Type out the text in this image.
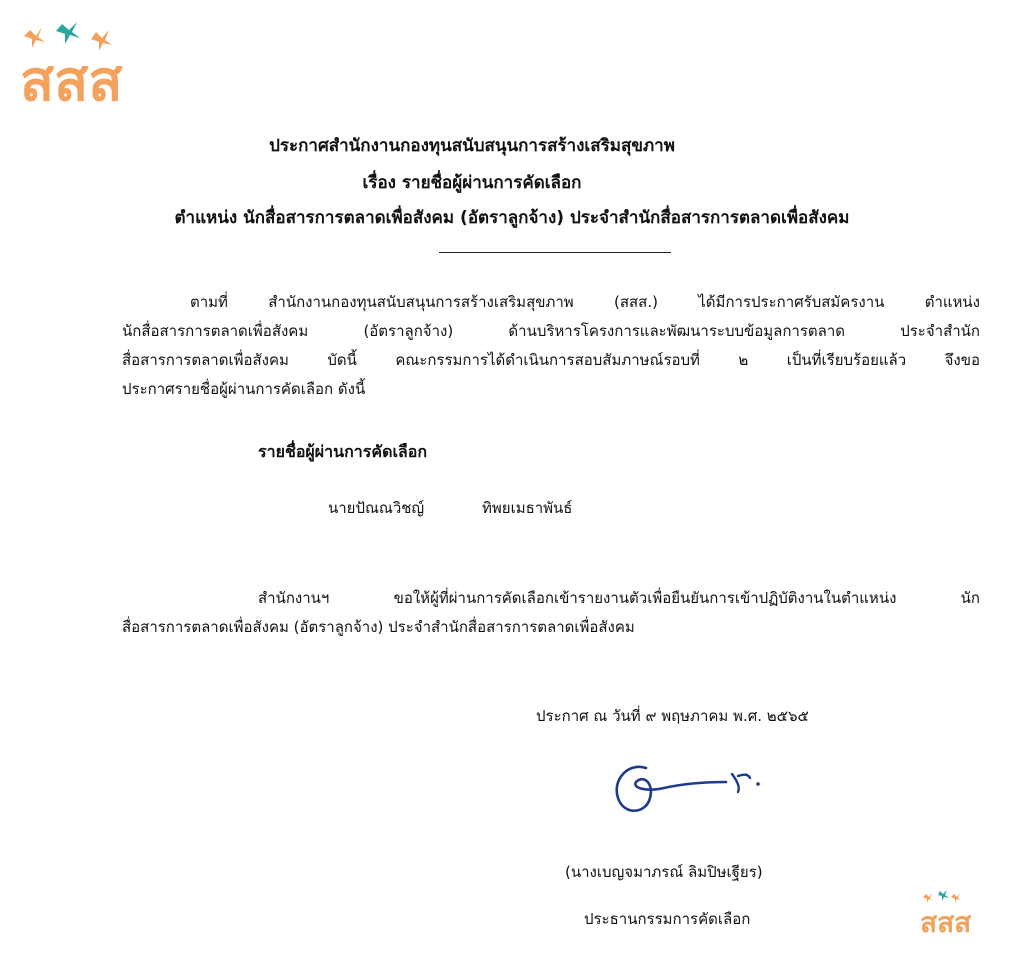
สสส
ประกาศสำนักงานกองทุนสนับสนุนการสร้างเสริมสุขภาพ
เรื่อง รายชื่อผู้ผ่านการคัดเลือก
ตำแหน่ง นักสื่อสารการตลาดเพื่อสังคม (อัตราลูกจ้าง) ประจำสำนักสื่อสารการตลาดเพื่อสังคม
ตามที่ สำนักงานกองทุนสนับสนุนการสร้างเสริมสุขภาพ (สสส.) ได้มีการประกาศรับสมัครงาน ตำแหน่ง
นักสื่อสารการตลาดเพื่อสังคม (อัตราลูกจ้าง) ด้านบริหารโครงการและพัฒนาระบบข้อมูลการตลาด ประจำสำนัก
สื่อสารการตลาดเพื่อสังคม บัดนี้ คณะกรรมการได้ดำเนินการสอบสัมภาษณ์รอบที่ ๒ เป็นที่เรียบร้อยแล้ว จึงขอ
ประกาศรายชื่อผู้ผ่านการคัดเลือก ดังนี้
รายชื่อผู้ผ่านการคัดเลือก
นายปัณณวิชญ์	ทิพยเมธาพันธ์
สำนักงานฯ ขอให้ผู้ที่ผ่านการคัดเลือกเข้ารายงานตัวเพื่อยืนยันการเข้าปฏิบัติงานในตำแหน่ง นัก
สื่อสารการตลาดเพื่อสังคม (อัตราลูกจ้าง) ประจำสำนักสื่อสารการตลาดเพื่อสังคม
ประกาศ ณ วันที่ ๙ พฤษภาคม พ.ศ. ๒๕๖๕
(นางเบญจมาภรณ์ ลิมปิษเฐียร)
ประธานกรรมการคัดเลือก	สสส
